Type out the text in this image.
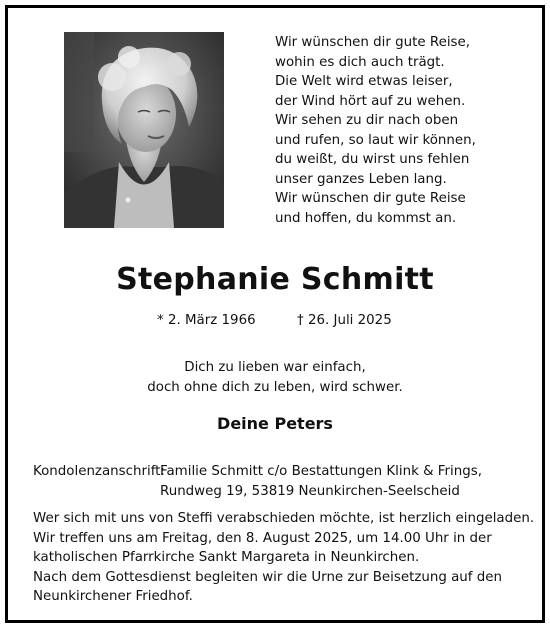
Wir wünschen dir gute Reise,
wohin es dich auch trägt.
Die Welt wird etwas leiser,
der Wind hört auf zu wehen.
Wir sehen zu dir nach oben
und rufen, so laut wir können,
du weißt, du wirst uns fehlen
unser ganzes Leben lang.
Wir wünschen dir gute Reise
und hoffen, du kommst an.
Stephanie Schmitt
* 2. März 1966	† 26. Juli 2025
Dich zu lieben war einfach,
doch ohne dich zu leben, wird schwer.
Deine Peters
Kondolenzanschrift:
Familie Schmitt c/o Bestattungen Klink & Frings,
Rundweg 19, 53819 Neunkirchen-Seelscheid
Wer sich mit uns von Steffi verabschieden möchte, ist herzlich eingeladen.
Wir treffen uns am Freitag, den 8. August 2025, um 14.00 Uhr in der
katholischen Pfarrkirche Sankt Margareta in Neunkirchen.
Nach dem Gottesdienst begleiten wir die Urne zur Beisetzung auf den
Neunkirchener Friedhof.
